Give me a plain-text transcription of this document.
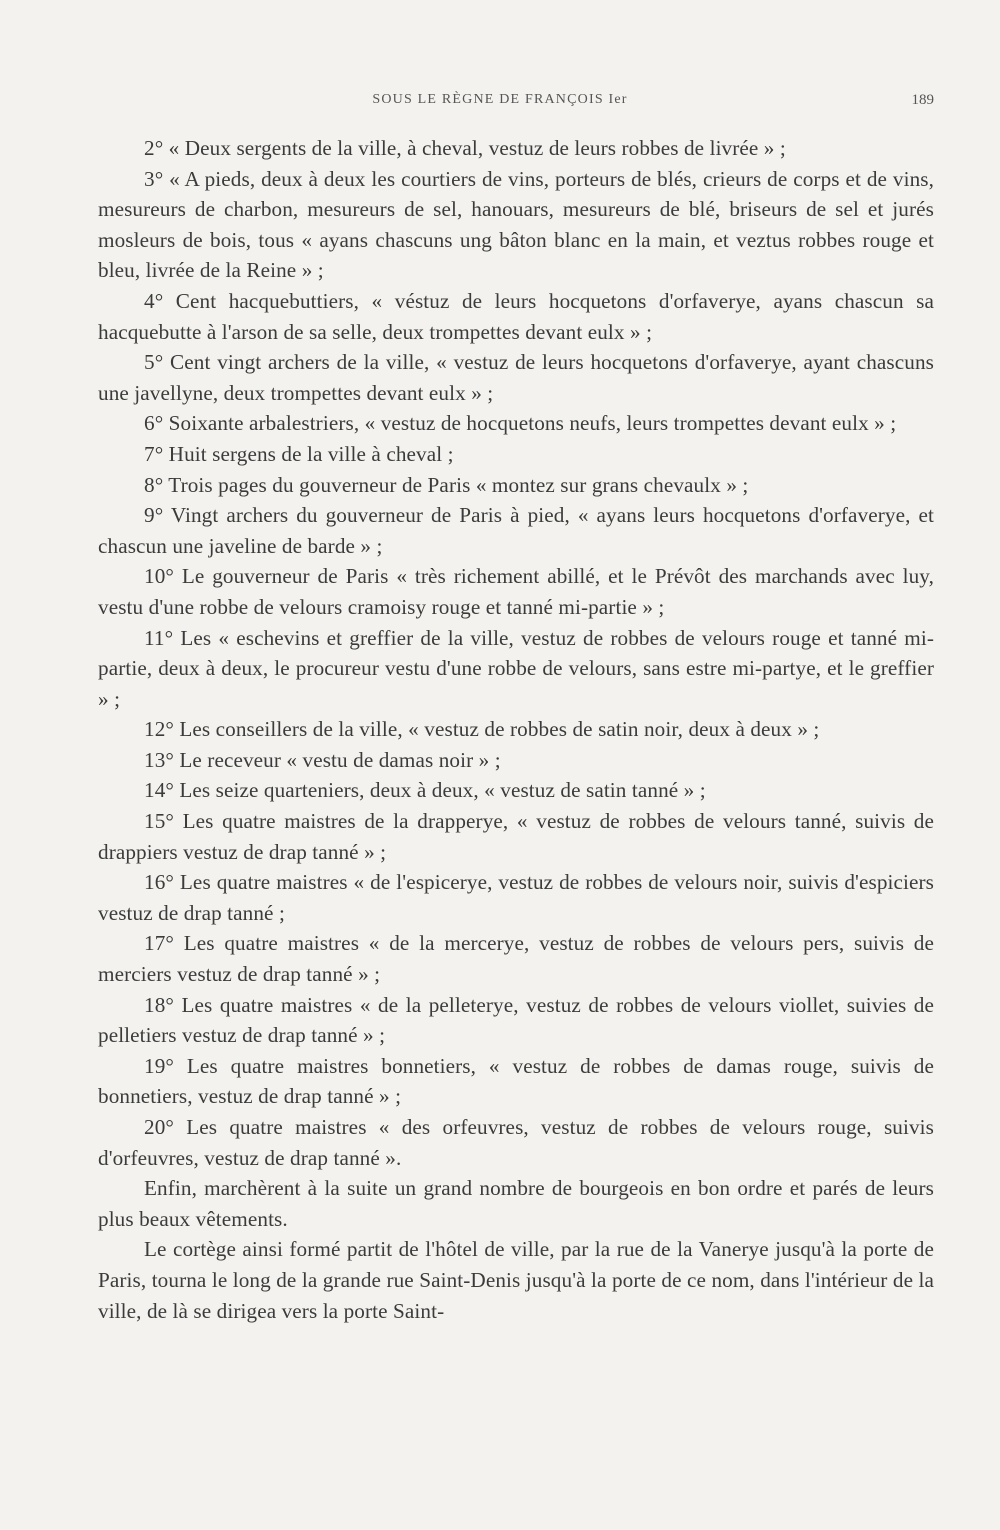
SOUS LE RÈGNE DE FRANÇOIS Ier	189

2° « Deux sergents de la ville, à cheval, vestuz de leurs robbes de livrée » ;

3° « A pieds, deux à deux les courtiers de vins, porteurs de blés, crieurs de corps et de vins, mesureurs de charbon, mesureurs de sel, hanouars, mesureurs de blé, briseurs de sel et jurés mosleurs de bois, tous « ayans chascuns ung bâton blanc en la main, et veztus robbes rouge et bleu, livrée de la Reine » ;

4° Cent hacquebuttiers, « véstuz de leurs hocquetons d'orfaverye, ayans chascun sa hacquebutte à l'arson de sa selle, deux trompettes devant eulx » ;

5° Cent vingt archers de la ville, « vestuz de leurs hocquetons d'orfaverye, ayant chascuns une javellyne, deux trompettes devant eulx » ;

6° Soixante arbalestriers, « vestuz de hocquetons neufs, leurs trompettes devant eulx » ;

7° Huit sergens de la ville à cheval ;

8° Trois pages du gouverneur de Paris « montez sur grans chevaulx » ;

9° Vingt archers du gouverneur de Paris à pied, « ayans leurs hocquetons d'orfaverye, et chascun une javeline de barde » ;

10° Le gouverneur de Paris « très richement abillé, et le Prévôt des marchands avec luy, vestu d'une robbe de velours cramoisy rouge et tanné mi-partie » ;

11° Les « eschevins et greffier de la ville, vestuz de robbes de velours rouge et tanné mi-partie, deux à deux, le procureur vestu d'une robbe de velours, sans estre mi-partye, et le greffier » ;

12° Les conseillers de la ville, « vestuz de robbes de satin noir, deux à deux » ;

13° Le receveur « vestu de damas noir » ;

14° Les seize quarteniers, deux à deux, « vestuz de satin tanné » ;

15° Les quatre maistres de la drapperye, « vestuz de robbes de velours tanné, suivis de drappiers vestuz de drap tanné » ;

16° Les quatre maistres « de l'espicerye, vestuz de robbes de velours noir, suivis d'espiciers vestuz de drap tanné ;

17° Les quatre maistres « de la mercerye, vestuz de robbes de velours pers, suivis de merciers vestuz de drap tanné » ;

18° Les quatre maistres « de la pelleterye, vestuz de robbes de velours viollet, suivies de pelletiers vestuz de drap tanné » ;

19° Les quatre maistres bonnetiers, « vestuz de robbes de damas rouge, suivis de bonnetiers, vestuz de drap tanné » ;

20° Les quatre maistres « des orfeuvres, vestuz de robbes de velours rouge, suivis d'orfeuvres, vestuz de drap tanné ».

Enfin, marchèrent à la suite un grand nombre de bourgeois en bon ordre et parés de leurs plus beaux vêtements.

Le cortège ainsi formé partit de l'hôtel de ville, par la rue de la Vanerye jusqu'à la porte de Paris, tourna le long de la grande rue Saint-Denis jusqu'à la porte de ce nom, dans l'intérieur de la ville, de là se dirigea vers la porte Saint-
